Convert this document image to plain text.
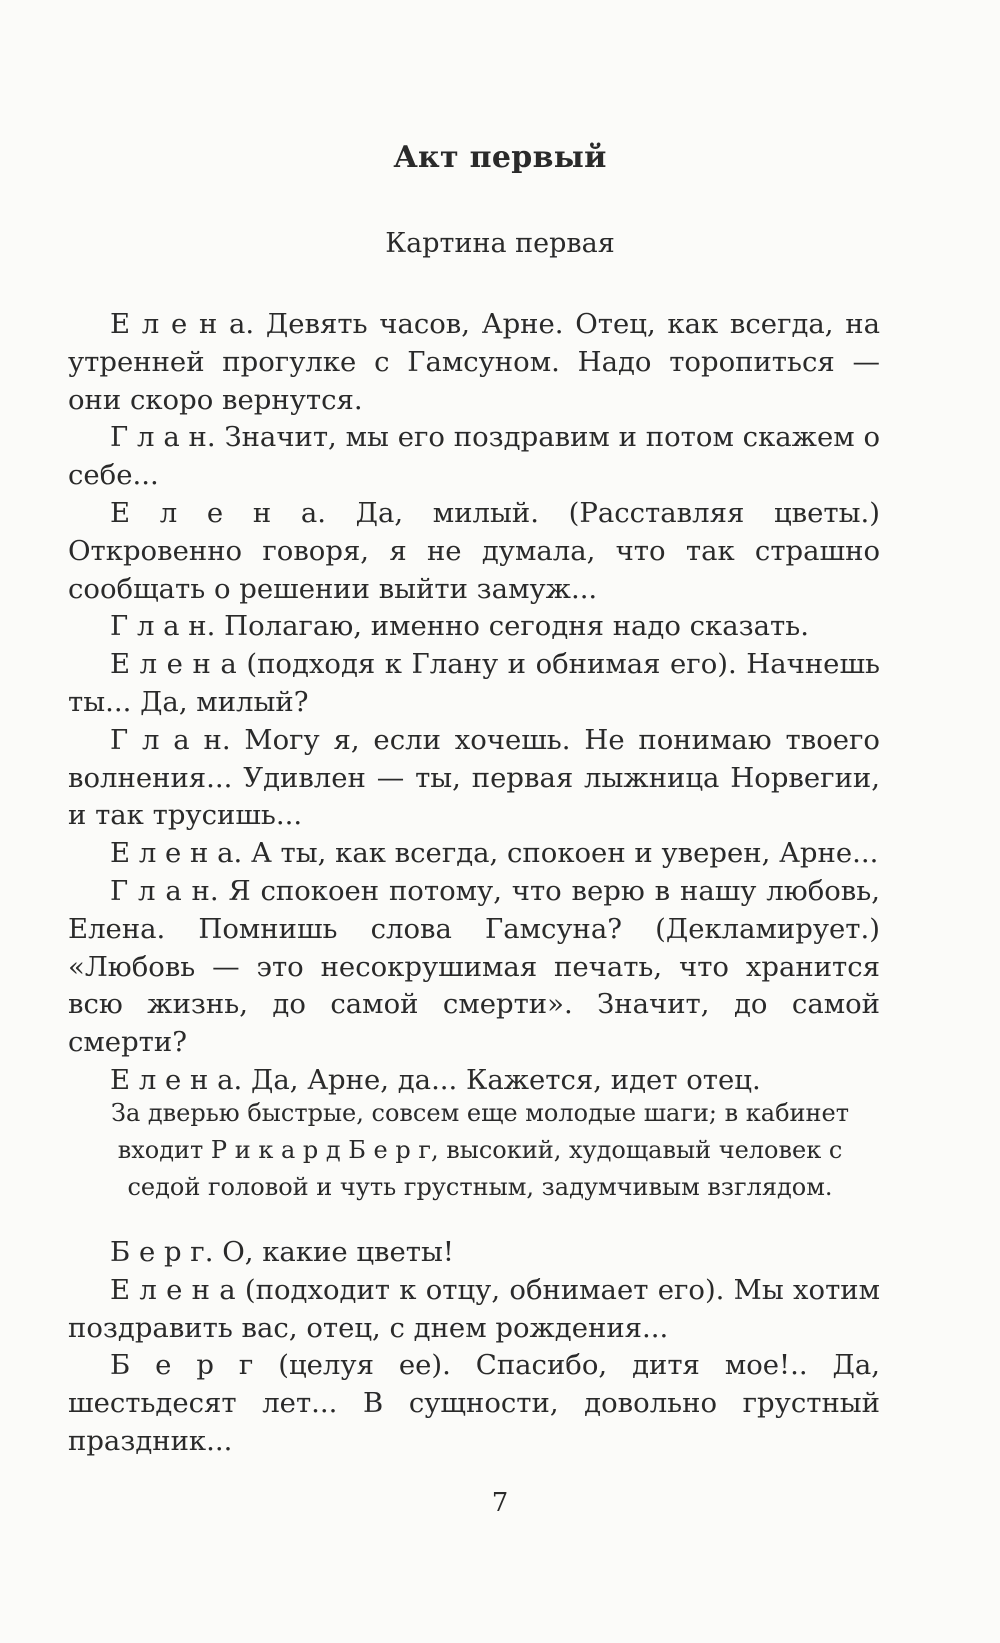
Акт первый
Картина первая

Е л е н а. Девять часов, Арне. Отец, как всегда, на утренней прогулке с Гамсуном. Надо торопиться — они скоро вернутся.

Г л а н. Значит, мы его поздравим и потом скажем о себе...

Е л е н а. Да, милый. (Расставляя цветы.) Откровенно говоря, я не думала, что так страшно сообщать о решении выйти замуж...

Г л а н. Полагаю, именно сегодня надо сказать.

Е л е н а (подходя к Глану и обнимая его). Начнешь ты... Да, милый?

Г л а н. Могу я, если хочешь. Не понимаю твоего волнения... Удивлен — ты, первая лыжница Норвегии, и так трусишь...

Е л е н а. А ты, как всегда, спокоен и уверен, Арне...

Г л а н. Я спокоен потому, что верю в нашу любовь, Елена. Помнишь слова Гамсуна? (Декламирует.) «Любовь — это несокрушимая печать, что хранится всю жизнь, до самой смерти». Значит, до самой смерти?

Е л е н а. Да, Арне, да... Кажется, идет отец.

За дверью быстрые, совсем еще молодые шаги; в кабинет входит Р и к а р д Б е р г, высокий, худощавый человек с седой головой и чуть грустным, задумчивым взглядом.

Б е р г. О, какие цветы!

Е л е н а (подходит к отцу, обнимает его). Мы хотим поздравить вас, отец, с днем рождения...

Б е р г (целуя ее). Спасибо, дитя мое!.. Да, шестьдесят лет... В сущности, довольно грустный праздник...

7
